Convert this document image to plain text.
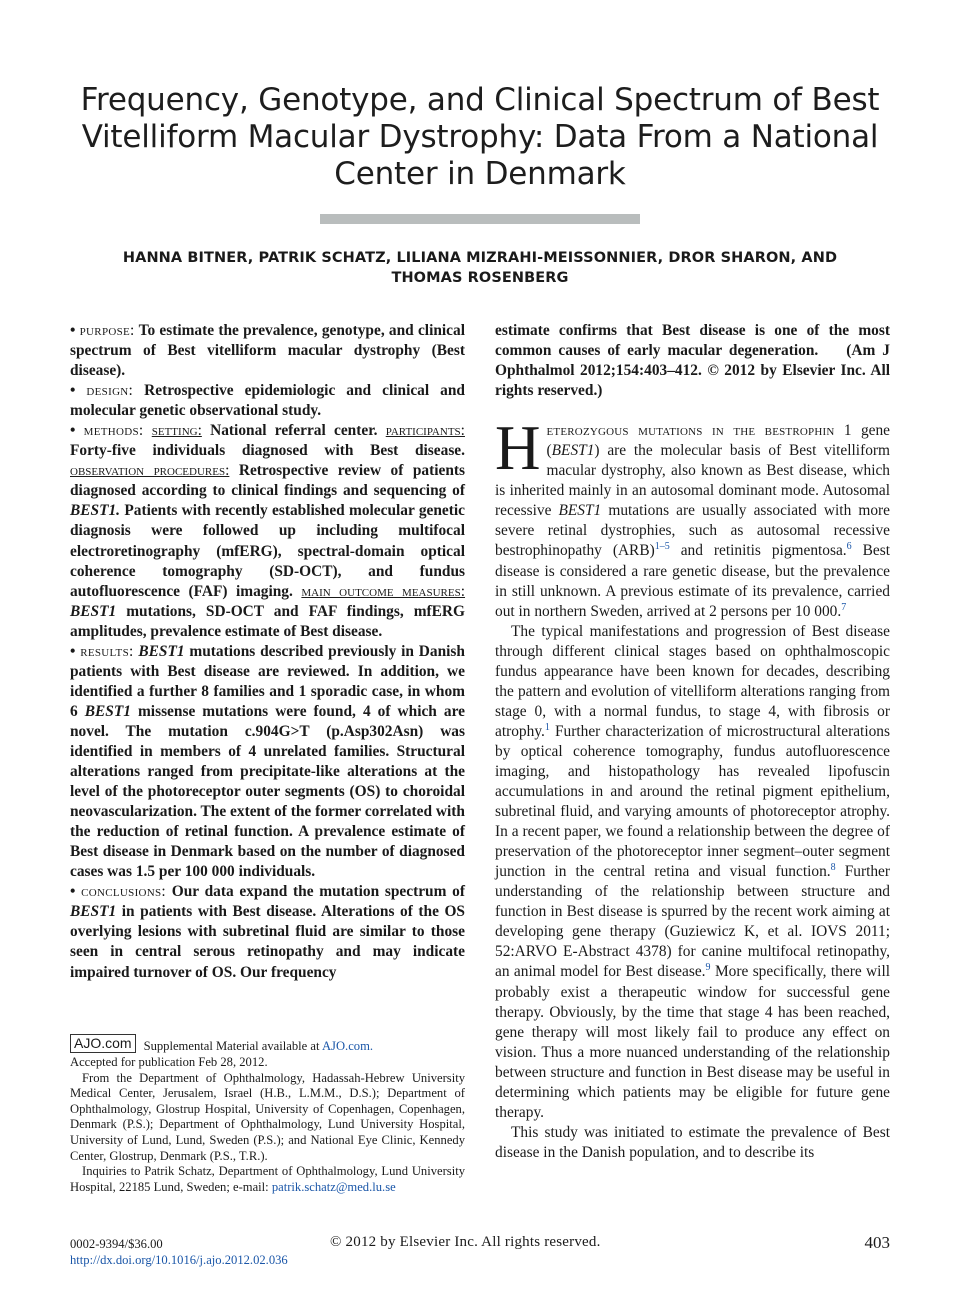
Frequency, Genotype, and Clinical Spectrum of Best
Vitelliform Macular Dystrophy: Data From a National
Center in Denmark
HANNA BITNER, PATRIK SCHATZ, LILIANA MIZRAHI-MEISSONNIER, DROR SHARON, AND
THOMAS ROSENBERG

• purpose: To estimate the prevalence, genotype, and clinical spectrum of Best vitelliform macular dystrophy (Best disease).

• design: Retrospective epidemiologic and clinical and molecular genetic observational study.

• methods: setting: National referral center. participants: Forty-five individuals diagnosed with Best disease. observation procedures: Retrospective review of patients diagnosed according to clinical findings and sequencing of BEST1. Patients with recently established molecular genetic diagnosis were followed up including multifocal electroretinography (mfERG), spectral-domain optical coherence tomography (SD-OCT), and fundus autofluorescence (FAF) imaging. main outcome measures: BEST1 mutations, SD-OCT and FAF findings, mfERG amplitudes, prevalence estimate of Best disease.

• results: BEST1 mutations described previously in Danish patients with Best disease are reviewed. In addition, we identified a further 8 families and 1 sporadic case, in whom 6 BEST1 missense mutations were found, 4 of which are novel. The mutation c.904G>T (p.Asp302Asn) was identified in members of 4 unrelated families. Structural alterations ranged from precipitate-like alterations at the level of the photoreceptor outer segments (OS) to choroidal neovascularization. The extent of the former correlated with the reduction of retinal function. A prevalence estimate of Best disease in Denmark based on the number of diagnosed cases was 1.5 per 100 000 individuals.

• conclusions: Our data expand the mutation spectrum of BEST1 in patients with Best disease. Alterations of the OS overlying lesions with subretinal fluid are similar to those seen in central serous retinopathy and may indicate impaired turnover of OS. Our frequency

AJO.com Supplemental Material available at AJO.com.

Accepted for publication Feb 28, 2012.

From the Department of Ophthalmology, Hadassah-Hebrew University Medical Center, Jerusalem, Israel (H.B., L.M.M., D.S.); Department of Ophthalmology, Glostrup Hospital, University of Copenhagen, Copenhagen, Denmark (P.S.); Department of Ophthalmology, Lund University Hospital, University of Lund, Lund, Sweden (P.S.); and National Eye Clinic, Kennedy Center, Glostrup, Denmark (P.S., T.R.).

Inquiries to Patrik Schatz, Department of Ophthalmology, Lund University Hospital, 22185 Lund, Sweden; e-mail: patrik.schatz@med.lu.se

estimate confirms that Best disease is one of the most common causes of early macular degeneration. (Am J Ophthalmol 2012;154:403–412. © 2012 by Elsevier Inc. All rights reserved.)

Heterozygous mutations in the bestrophin 1 gene (BEST1) are the molecular basis of Best vitelliform macular dystrophy, also known as Best disease, which is inherited mainly in an autosomal dominant mode. Autosomal recessive BEST1 mutations are usually associated with more severe retinal dystrophies, such as autosomal recessive bestrophinopathy (ARB)$^{1-5}$ and retinitis pigmentosa.$^6$ Best disease is considered a rare genetic disease, but the prevalence in still unknown. A previous estimate of its prevalence, carried out in northern Sweden, arrived at 2 persons per 10 000.$^7$

The typical manifestations and progression of Best disease through different clinical stages based on ophthalmoscopic fundus appearance have been known for decades, describing the pattern and evolution of vitelliform alterations ranging from stage 0, with a normal fundus, to stage 4, with fibrosis or atrophy.$^1$ Further characterization of microstructural alterations by optical coherence tomography, fundus autofluorescence imaging, and histopathology has revealed lipofuscin accumulations in and around the retinal pigment epithelium, subretinal fluid, and varying amounts of photoreceptor atrophy. In a recent paper, we found a relationship between the degree of preservation of the photoreceptor inner segment–outer segment junction in the central retina and visual function.$^8$ Further understanding of the relationship between structure and function in Best disease is spurred by the recent work aiming at developing gene therapy (Guziewicz K, et al. IOVS 2011; 52:ARVO E-Abstract 4378) for canine multifocal retinopathy, an animal model for Best disease.$^9$ More specifically, there will probably exist a therapeutic window for successful gene therapy. Obviously, by the time that stage 4 has been reached, gene therapy will most likely fail to produce any effect on vision. Thus a more nuanced understanding of the relationship between structure and function in Best disease may be useful in determining which patients may be eligible for future gene therapy.

This study was initiated to estimate the prevalence of Best disease in the Danish population, and to describe its

0002-9394/$36.00
http://dx.doi.org/10.1016/j.ajo.2012.02.036
© 2012 by Elsevier Inc. All rights reserved.	403
